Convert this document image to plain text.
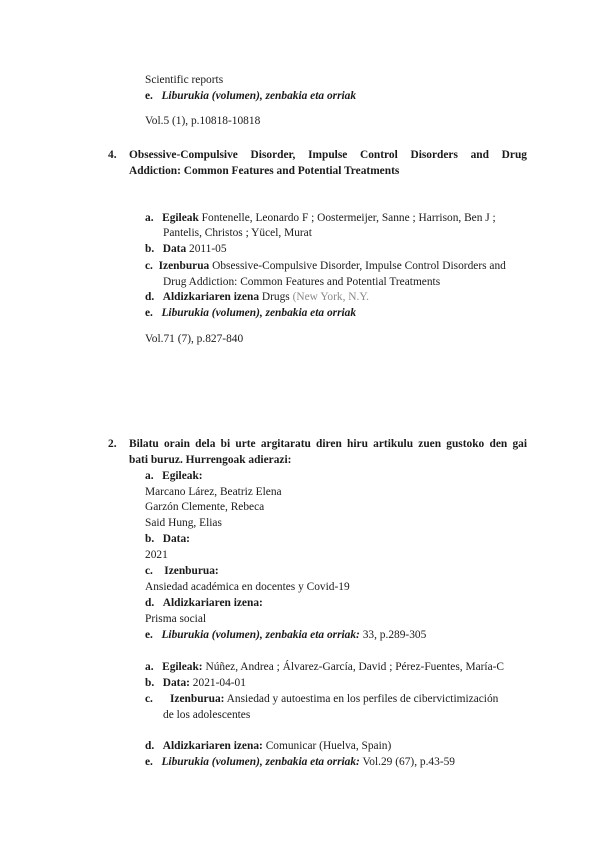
Scientific reports
e. Liburukia (volumen), zenbakia eta orriak
Vol.5 (1), p.10818-10818
4. Obsessive-Compulsive Disorder, Impulse Control Disorders and Drug
Addiction: Common Features and Potential Treatments
a. Egileak Fontenelle, Leonardo F ; Oostermeijer, Sanne ; Harrison, Ben J ;
Pantelis, Christos ; Yücel, Murat
b. Data 2011-05
c. Izenburua Obsessive-Compulsive Disorder, Impulse Control Disorders and
Drug Addiction: Common Features and Potential Treatments
d. Aldizkariaren izena Drugs (New York, N.Y.
e. Liburukia (volumen), zenbakia eta orriak
Vol.71 (7), p.827-840
2. Bilatu orain dela bi urte argitaratu diren hiru artikulu zuen gustoko den gai
bati buruz. Hurrengoak adierazi:
a. Egileak:
Marcano Lárez, Beatriz Elena
Garzón Clemente, Rebeca
Said Hung, Elias
b. Data:
2021
c. Izenburua:
Ansiedad académica en docentes y Covid-19
d. Aldizkariaren izena:
Prisma social
e. Liburukia (volumen), zenbakia eta orriak: 33, p.289-305
a. Egileak: Núñez, Andrea ; Álvarez-García, David ; Pérez-Fuentes, María-C
b. Data: 2021-04-01
c. Izenburua: Ansiedad y autoestima en los perfiles de cibervictimización
de los adolescentes
d. Aldizkariaren izena: Comunicar (Huelva, Spain)
e. Liburukia (volumen), zenbakia eta orriak: Vol.29 (67), p.43-59
